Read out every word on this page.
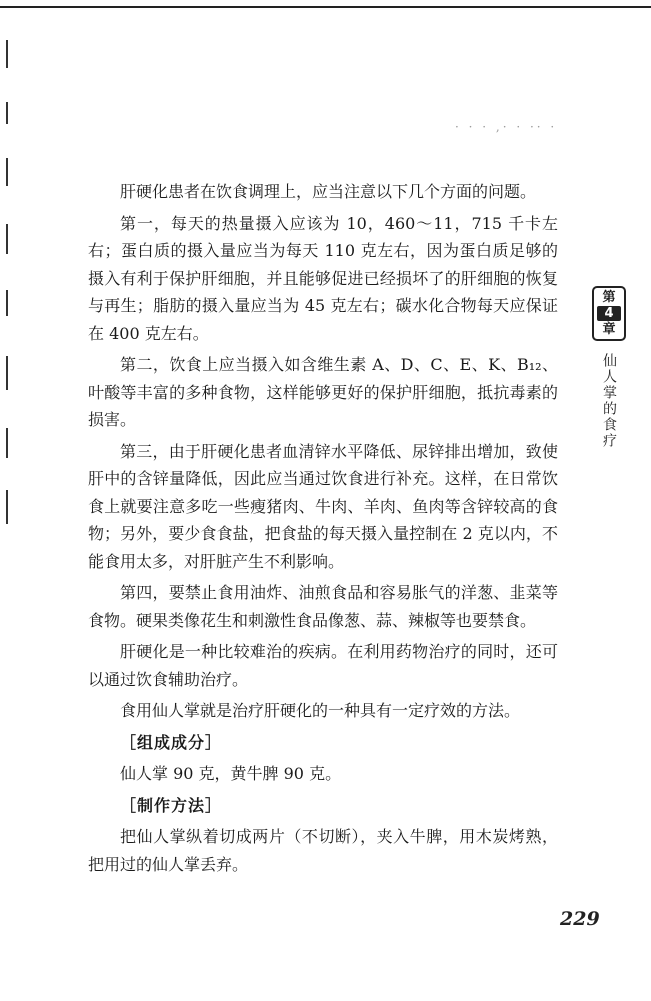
· · · ,· · ·· ·

肝硬化患者在饮食调理上，应当注意以下几个方面的问题。

第一，每天的热量摄入应该为 10，460～11，715 千卡左右；蛋白质的摄入量应当为每天 110 克左右，因为蛋白质足够的摄入有利于保护肝细胞，并且能够促进已经损坏了的肝细胞的恢复与再生；脂肪的摄入量应当为 45 克左右；碳水化合物每天应保证在 400 克左右。

第二，饮食上应当摄入如含维生素 A、D、C、E、K、B₁₂、叶酸等丰富的多种食物，这样能够更好的保护肝细胞，抵抗毒素的损害。

第三，由于肝硬化患者血清锌水平降低、尿锌排出增加，致使肝中的含锌量降低，因此应当通过饮食进行补充。这样，在日常饮食上就要注意多吃一些瘦猪肉、牛肉、羊肉、鱼肉等含锌较高的食物；另外，要少食食盐，把食盐的每天摄入量控制在 2 克以内，不能食用太多，对肝脏产生不利影响。

第四，要禁止食用油炸、油煎食品和容易胀气的洋葱、韭菜等食物。硬果类像花生和刺激性食品像葱、蒜、辣椒等也要禁食。

肝硬化是一种比较难治的疾病。在利用药物治疗的同时，还可以通过饮食辅助治疗。

食用仙人掌就是治疗肝硬化的一种具有一定疗效的方法。

［组成成分］

仙人掌 90 克，黄牛脾 90 克。

［制作方法］

把仙人掌纵着切成两片（不切断），夹入牛脾，用木炭烤熟，把用过的仙人掌丢弃。

第
4
章
仙人掌的食疗
229
